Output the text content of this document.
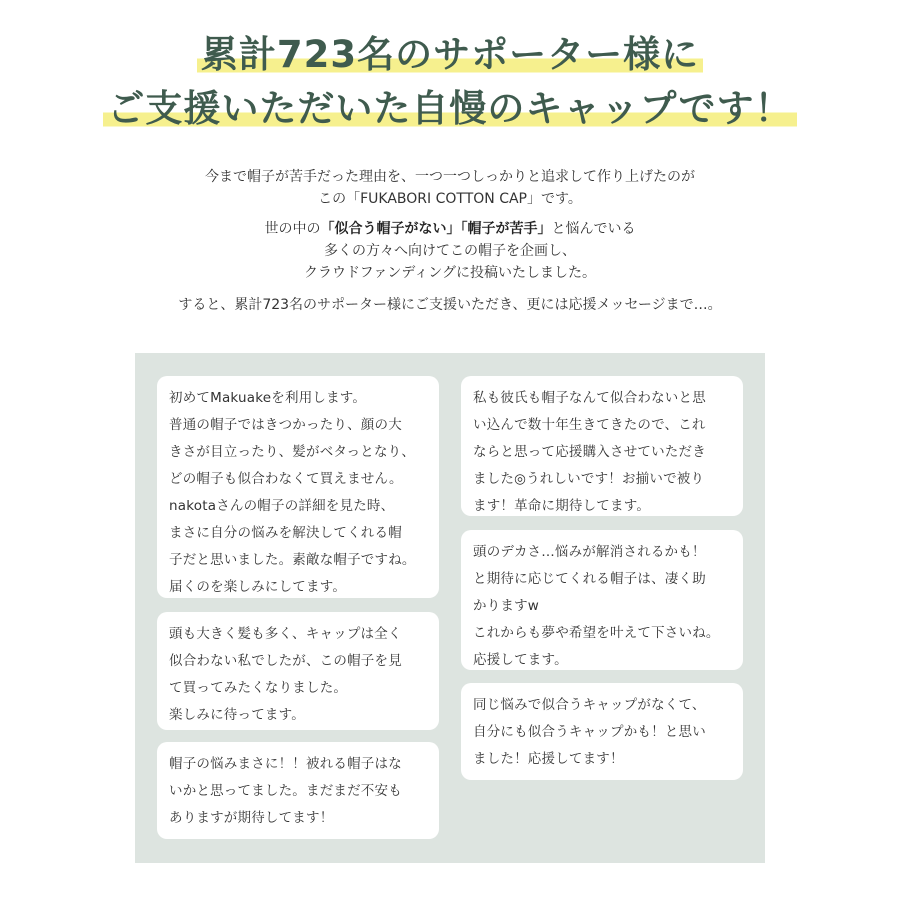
累計723名のサポーター様に
ご支援いただいた自慢のキャップです！

今まで帽子が苦手だった理由を、一つ一つしっかりと追求して作り上げたのが

この「FUKABORI COTTON CAP」です。

世の中の「似合う帽子がない」「帽子が苦手」と悩んでいる

多くの方々へ向けてこの帽子を企画し、

クラウドファンディングに投稿いたしました。

すると、累計723名のサポーター様にご支援いただき、更には応援メッセージまで…。

初めてMakuakeを利用します。
普通の帽子ではきつかったり、顔の大
きさが目立ったり、髪がベタっとなり、
どの帽子も似合わなくて買えません。
nakotaさんの帽子の詳細を見た時、
まさに自分の悩みを解決してくれる帽
子だと思いました。素敵な帽子ですね。
届くのを楽しみにしてます。
頭も大きく髪も多く、キャップは全く
似合わない私でしたが、この帽子を見
て買ってみたくなりました。
楽しみに待ってます。
帽子の悩みまさに！！被れる帽子はな
いかと思ってました。まだまだ不安も
ありますが期待してます！
私も彼氏も帽子なんて似合わないと思
い込んで数十年生きてきたので、これ
ならと思って応援購入させていただき
ました◎うれしいです！お揃いで被り
ます！革命に期待してます。
頭のデカさ…悩みが解消されるかも！
と期待に応じてくれる帽子は、凄く助
かりますw
これからも夢や希望を叶えて下さいね。
応援してます。
同じ悩みで似合うキャップがなくて、
自分にも似合うキャップかも！と思い
ました！応援してます！
